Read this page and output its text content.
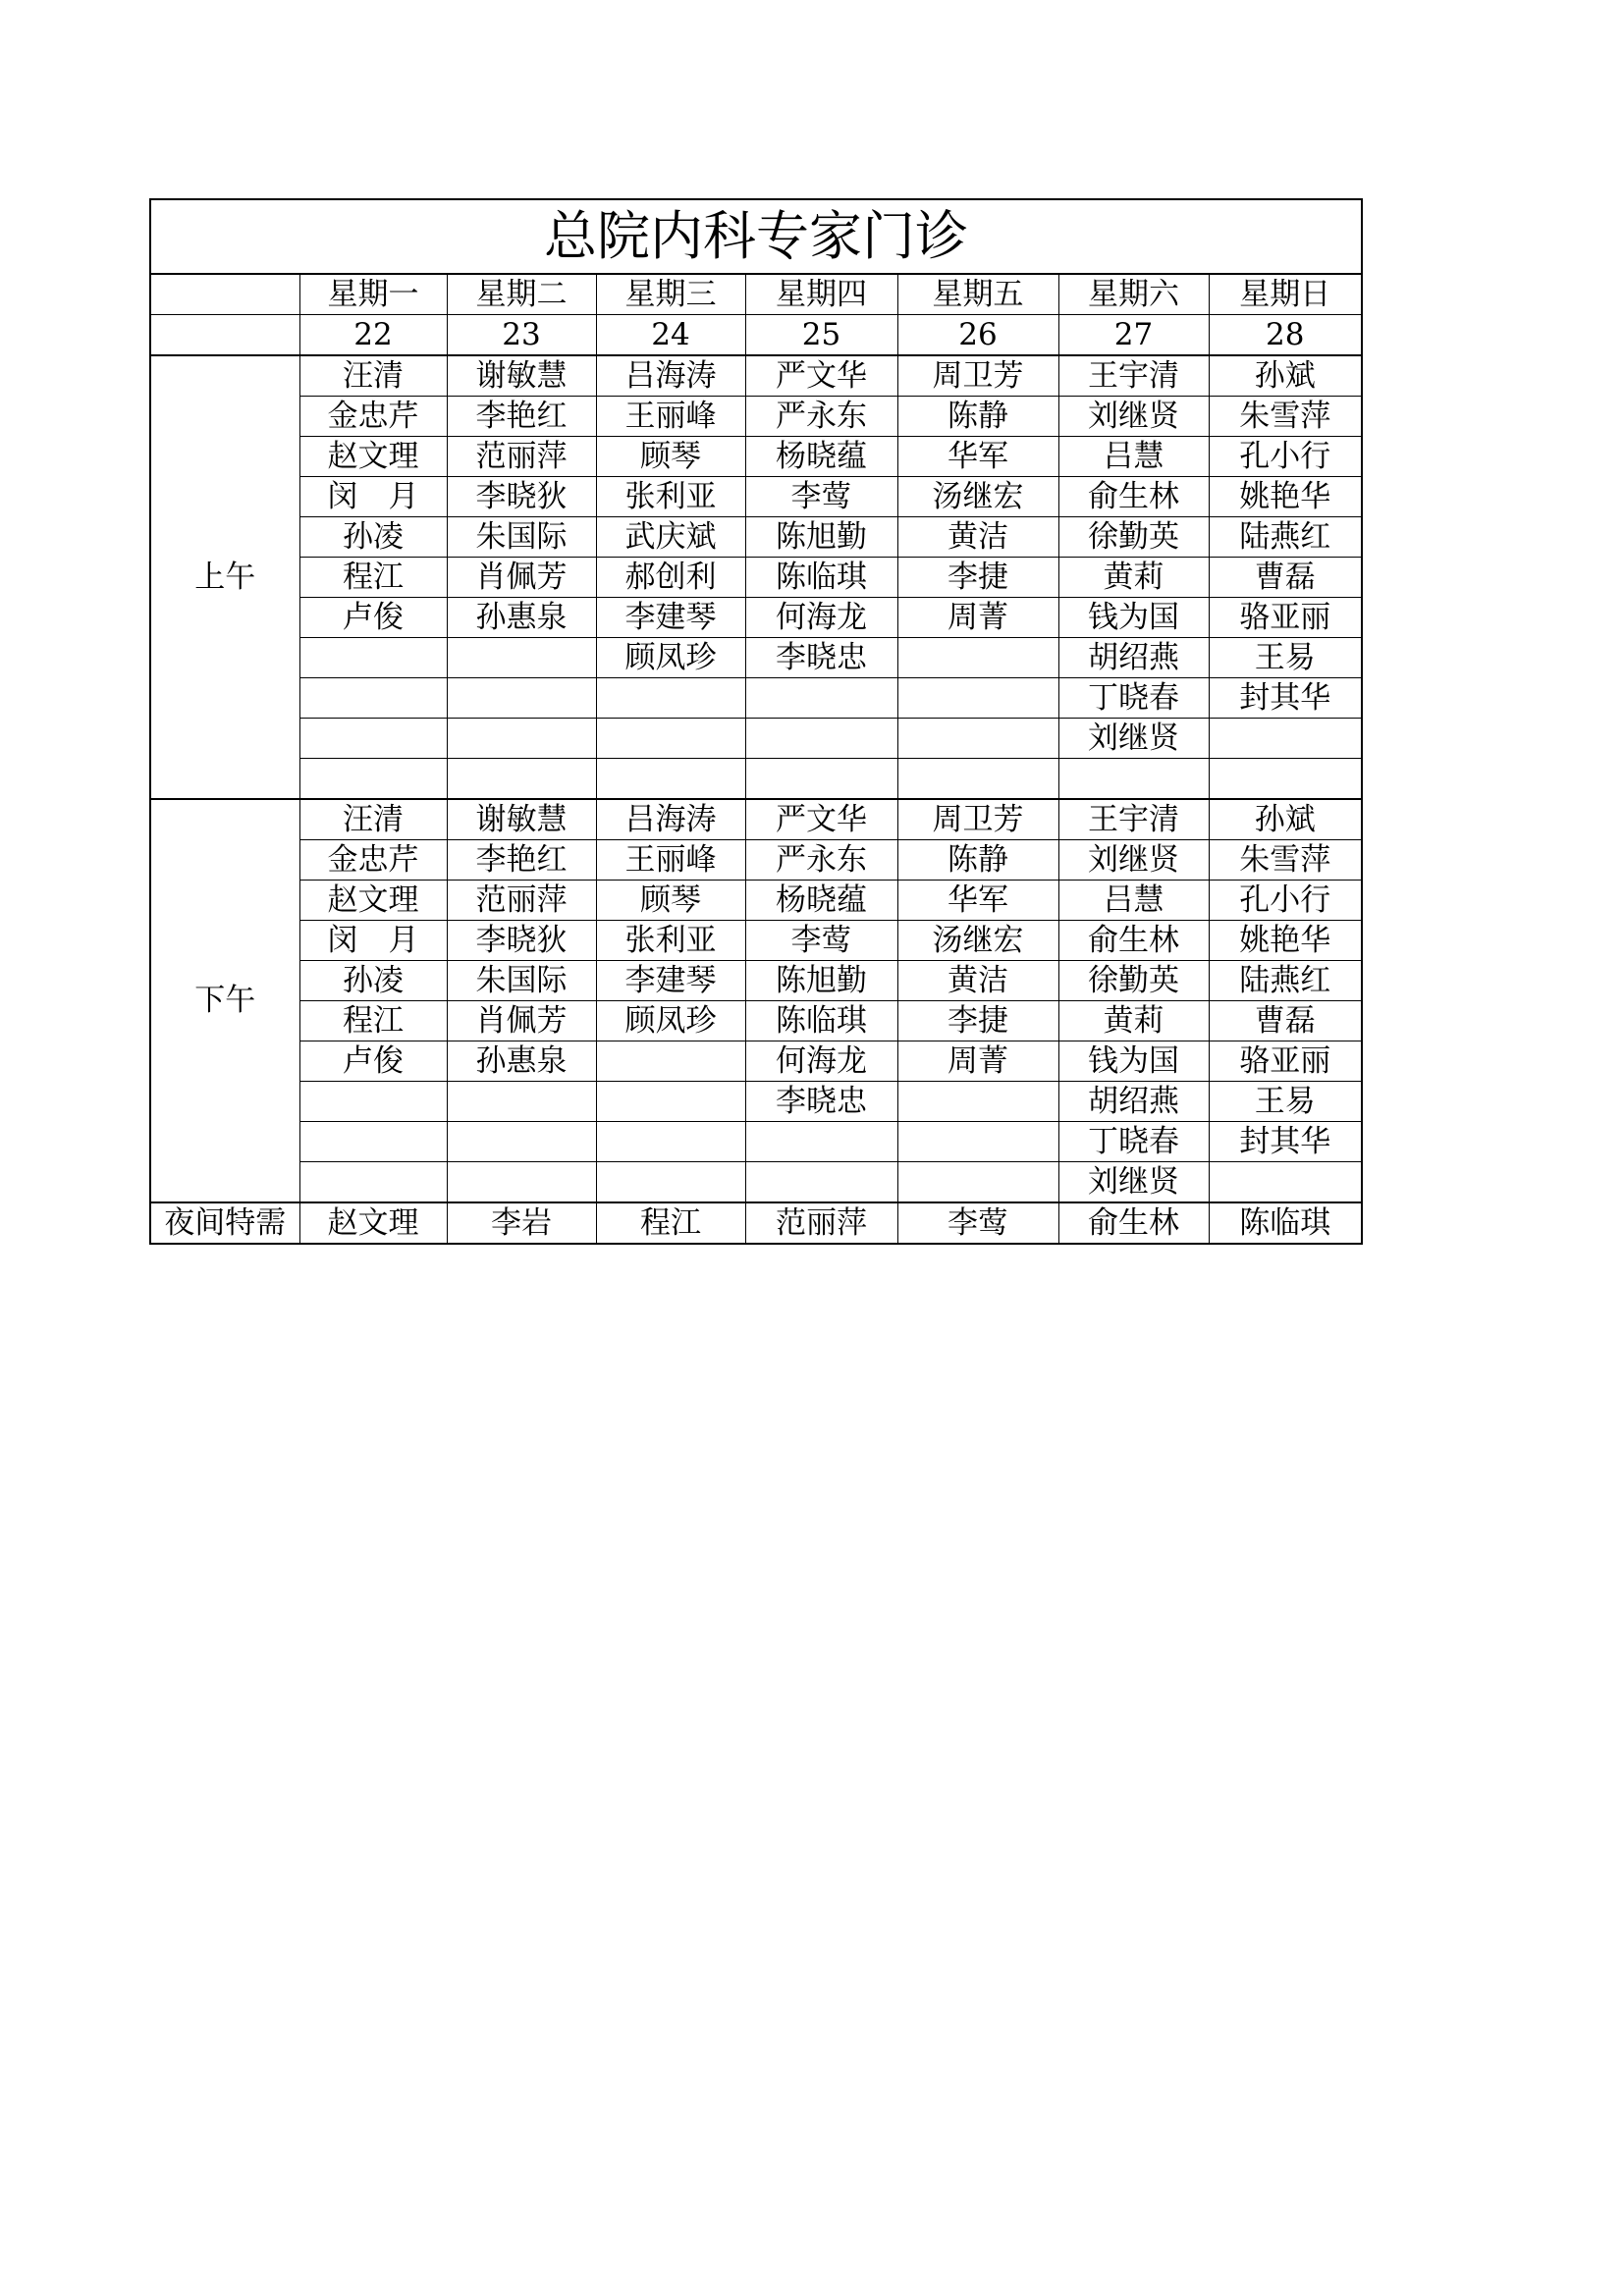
总院内科专家门诊							
	星期一	星期二	星期三	星期四	星期五	星期六	星期日
	22	23	24	25	26	27	28
上午	汪清	谢敏慧	吕海涛	严文华	周卫芳	王宇清	孙斌
	金忠芹	李艳红	王丽峰	严永东	陈静	刘继贤	朱雪萍
	赵文理	范丽萍	顾琴	杨晓蕴	华军	吕慧	孔小行
	闵　月	李晓狄	张利亚	李莺	汤继宏	俞生林	姚艳华
	孙凌	朱国际	武庆斌	陈旭勤	黄洁	徐勤英	陆燕红
	程江	肖佩芳	郝创利	陈临琪	李捷	黄莉	曹磊
	卢俊	孙惠泉	李建琴	何海龙	周菁	钱为国	骆亚丽
			顾凤珍	李晓忠		胡绍燕	王易
						丁晓春	封其华
						刘继贤	

下午	汪清	谢敏慧	吕海涛	严文华	周卫芳	王宇清	孙斌
	金忠芹	李艳红	王丽峰	严永东	陈静	刘继贤	朱雪萍
	赵文理	范丽萍	顾琴	杨晓蕴	华军	吕慧	孔小行
	闵　月	李晓狄	张利亚	李莺	汤继宏	俞生林	姚艳华
	孙凌	朱国际	李建琴	陈旭勤	黄洁	徐勤英	陆燕红
	程江	肖佩芳	顾凤珍	陈临琪	李捷	黄莉	曹磊
	卢俊	孙惠泉		何海龙	周菁	钱为国	骆亚丽
				李晓忠		胡绍燕	王易
						丁晓春	封其华
						刘继贤	
夜间特需	赵文理	李岩	程江	范丽萍	李莺	俞生林	陈临琪
